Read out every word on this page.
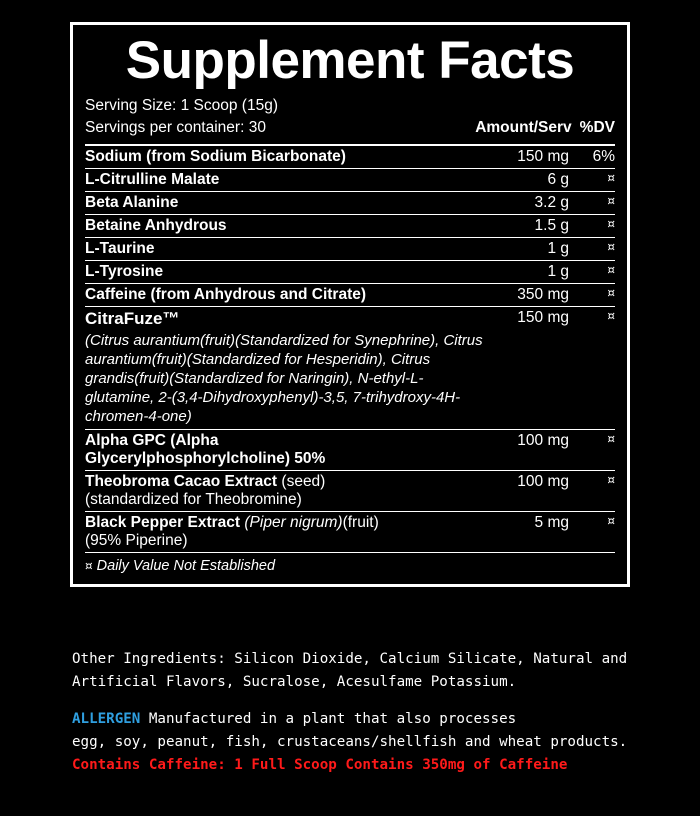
Supplement Facts
Serving Size: 1 Scoop (15g)
Servings per container: 30	Amount/Serv %DV
Sodium (from Sodium Bicarbonate)	150 mg	6%
L-Citrulline Malate	6 g	¤
Beta Alanine	3.2 g	¤
Betaine Anhydrous	1.5 g	¤
L-Taurine	1 g	¤
L-Tyrosine	1 g	¤
Caffeine (from Anhydrous and Citrate)	350 mg	¤

CitraFuze™
(Citrus aurantium(fruit)(Standardized for Synephrine), Citrus aurantium(fruit)(Standardized for Hesperidin), Citrus grandis(fruit)(Standardized for Naringin), N-ethyl-L-glutamine, 2-(3,4-Dihydroxyphenyl)-3,5, 7-trihydroxy-4H-chromen-4-one)	150 mg	¤

Alpha GPC (Alpha
Glycerylphosphorylcholine) 50%	100 mg	¤

Theobroma Cacao Extract (seed)
(standardized for Theobromine)	100 mg	¤

Black Pepper Extract (Piper nigrum)(fruit)
(95% Piperine)	5 mg	¤

¤ Daily Value Not Established		

Other Ingredients: Silicon Dioxide, Calcium Silicate, Natural and

Artificial Flavors, Sucralose, Acesulfame Potassium.

ALLERGEN Manufactured in a plant that also processes

egg, soy, peanut, fish, crustaceans/shellfish and wheat products.

Contains Caffeine: 1 Full Scoop Contains 350mg of Caffeine
